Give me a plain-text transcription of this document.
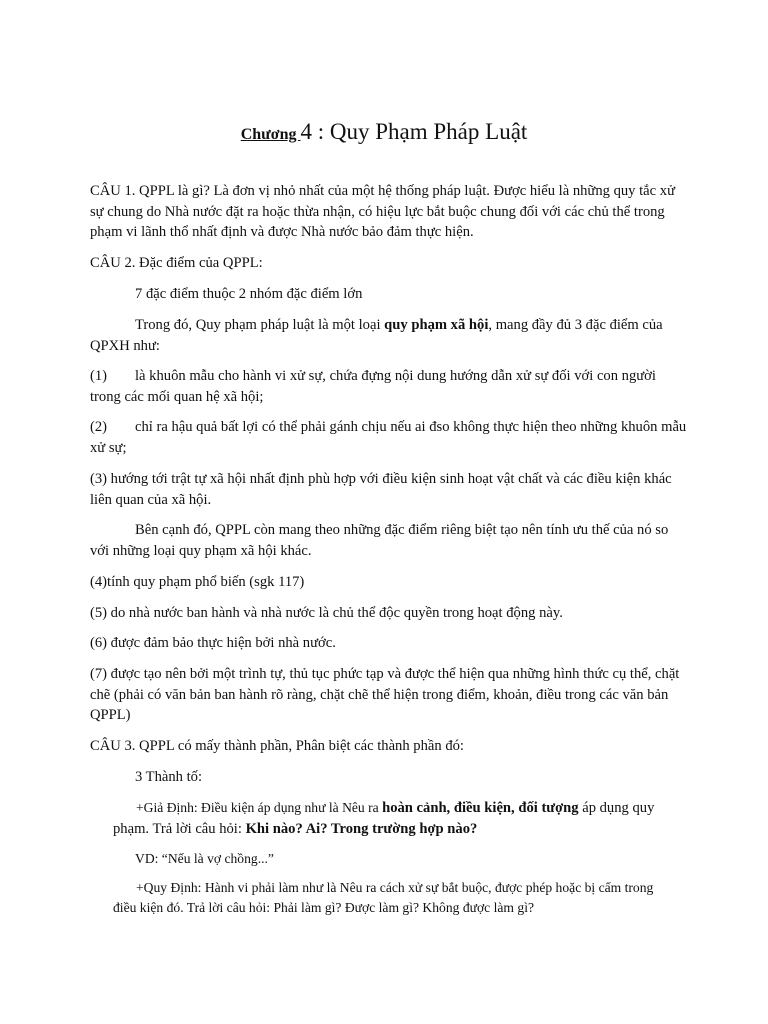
Chương 4 : Quy Phạm Pháp Luật

CÂU 1. QPPL là gì? Là đơn vị nhỏ nhất của một hệ thống pháp luật. Được hiểu là những quy tắc xử sự chung do Nhà nước đặt ra hoặc thừa nhận, có hiệu lực bắt buộc chung đối với các chủ thể trong phạm vi lãnh thổ nhất định và được Nhà nước bảo đảm thực hiện.

CÂU 2. Đặc điểm của QPPL:

7 đặc điểm thuộc 2 nhóm đặc điểm lớn

Trong đó, Quy phạm pháp luật là một loại quy phạm xã hội, mang đầy đủ 3 đặc điểm của QPXH như:

(1) là khuôn mẫu cho hành vi xử sự, chứa đựng nội dung hướng dẫn xử sự đối với con người trong các mối quan hệ xã hội;

(2) chỉ ra hậu quả bất lợi có thể phải gánh chịu nếu ai đso không thực hiện theo những khuôn mẫu xử sự;

(3) hướng tới trật tự xã hội nhất định phù hợp với điều kiện sinh hoạt vật chất và các điều kiện khác liên quan của xã hội.

Bên cạnh đó, QPPL còn mang theo những đặc điểm riêng biệt tạo nên tính ưu thế của nó so với những loại quy phạm xã hội khác.

(4)tính quy phạm phổ biến (sgk 117)

(5) do nhà nước ban hành và nhà nước là chủ thể độc quyền trong hoạt động này.

(6) được đảm bảo thực hiện bởi nhà nước.

(7) được tạo nên bởi một trình tự, thủ tục phức tạp và được thể hiện qua những hình thức cụ thể, chặt chẽ (phải có văn bản ban hành rõ ràng, chặt chẽ thể hiện trong điểm, khoản, điều trong các văn bản QPPL)

CÂU 3. QPPL có mấy thành phần, Phân biệt các thành phần đó:

3 Thành tố:

+Giả Định: Điều kiện áp dụng như là Nêu ra hoàn cảnh, điều kiện, đối tượng áp dụng quy phạm. Trả lời câu hỏi: Khi nào? Ai? Trong trường hợp nào?

VD: “Nếu là vợ chồng...”

+Quy Định: Hành vi phải làm như là Nêu ra cách xử sự bắt buộc, được phép hoặc bị cấm trong điều kiện đó. Trả lời câu hỏi: Phải làm gì? Được làm gì? Không được làm gì?
